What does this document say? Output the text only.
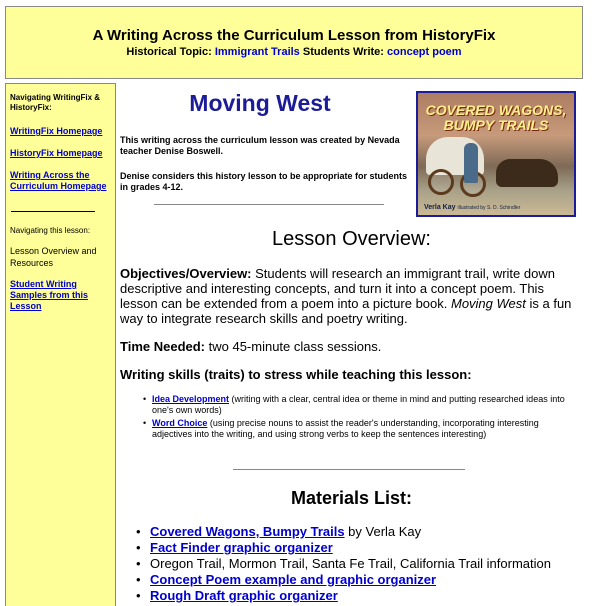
A Writing Across the Curriculum Lesson from HistoryFix
Historical Topic: Immigrant Trails Students Write: concept poem
Navigating WritingFix & HistoryFix:
WritingFix Homepage
HistoryFix Homepage
Writing Across the Curriculum Homepage
Navigating this lesson:
Lesson Overview and Resources
Student Writing Samples from this Lesson
Moving West
This writing across the curriculum lesson was created by Nevada teacher Denise Boswell.
Denise considers this history lesson to be appropriate for students in grades 4-12.
COVERED WAGONS,
BUMPY TRAILS
Verla Kay illustrated by S. D. Schindler
Lesson Overview:
Objectives/Overview: Students will research an immigrant trail, write down descriptive and interesting concepts, and turn it into a concept poem. This lesson can be extended from a poem into a picture book. Moving West is a fun way to integrate research skills and poetry writing.
Time Needed: two 45-minute class sessions.
Writing skills (traits) to stress while teaching this lesson:
• Idea Development (writing with a clear, central idea or theme in mind and putting researched ideas into one's own words)
• Word Choice (using precise nouns to assist the reader's understanding, incorporating interesting adjectives into the writing, and using strong verbs to keep the sentences interesting)
Materials List:
• Covered Wagons, Bumpy Trails by Verla Kay
• Fact Finder graphic organizer
• Oregon Trail, Mormon Trail, Santa Fe Trail, California Trail information
• Concept Poem example and graphic organizer
• Rough Draft graphic organizer
